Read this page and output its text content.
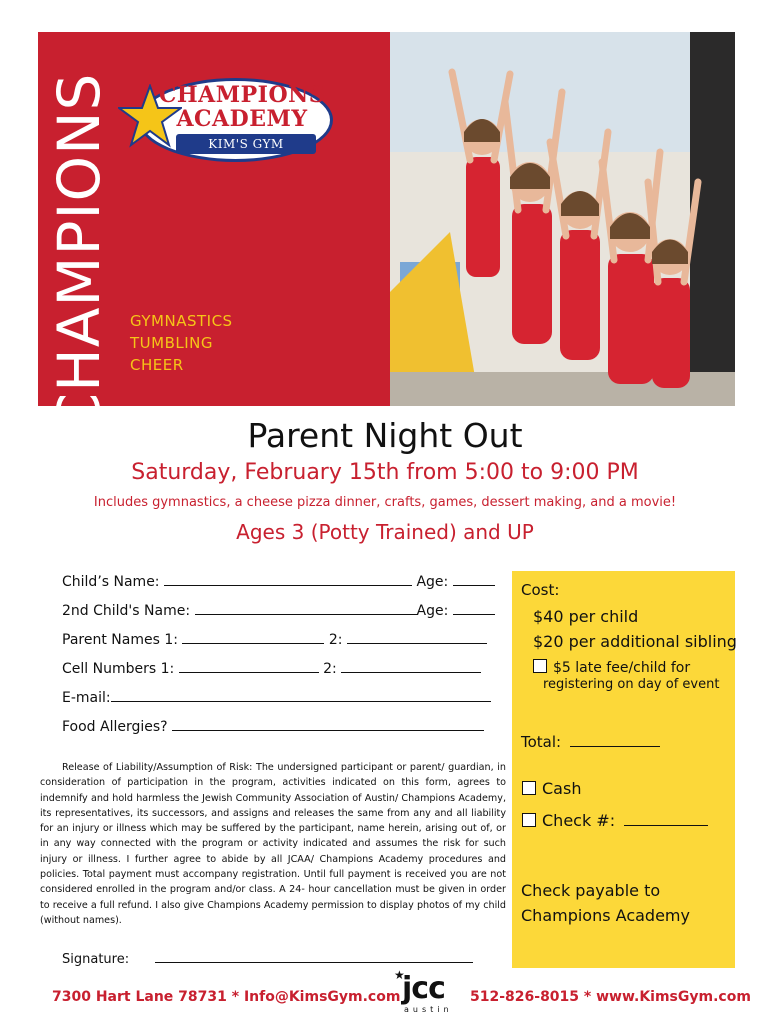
CHAMPIONS	CHAMPIONS
ACADEMY
KIM'S GYM
GYMNASTICS
TUMBLING
CHEER
Parent Night Out
Saturday, February 15th from 5:00 to 9:00 PM
Includes gymnastics, a cheese pizza dinner, crafts, games, dessert making, and a movie!
Ages 3 (Potty Trained) and UP
Child’s Name:	Age:
2nd Child's Name:	Age:
Parent Names 1:	2:
Cell Numbers 1:	2:
E-mail:
Food Allergies?
Release of Liability/Assumption of Risk: The undersigned participant or parent/ guardian, in consideration of participation in the program, activities indicated on this form, agrees to indemnify and hold harmless the Jewish Community Association of Austin/ Champions Academy, its representatives, its successors, and assigns and releases the same from any and all liability for an injury or illness which may be suffered by the participant, name herein, arising out of, or in any way connected with the program or activity indicated and assumes the risk for such injury or illness. I further agree to abide by all JCAA/ Champions Academy procedures and policies. Total payment must accompany registration. Until full payment is received you are not considered enrolled in the program and/or class. A 24- hour cancellation must be given in order to receive a full refund. I also give Champions Academy permission to display photos of my child (without names).
Signature:
Cost:
$40 per child
$20 per additional sibling
$5 late fee/child for
registering on day of event
Total:
Cash
Check #:
Check payable to
Champions Academy
7300 Hart Lane 78731 * Info@KimsGym.com
★
jcc
austin
512-826-8015 * www.KimsGym.com
